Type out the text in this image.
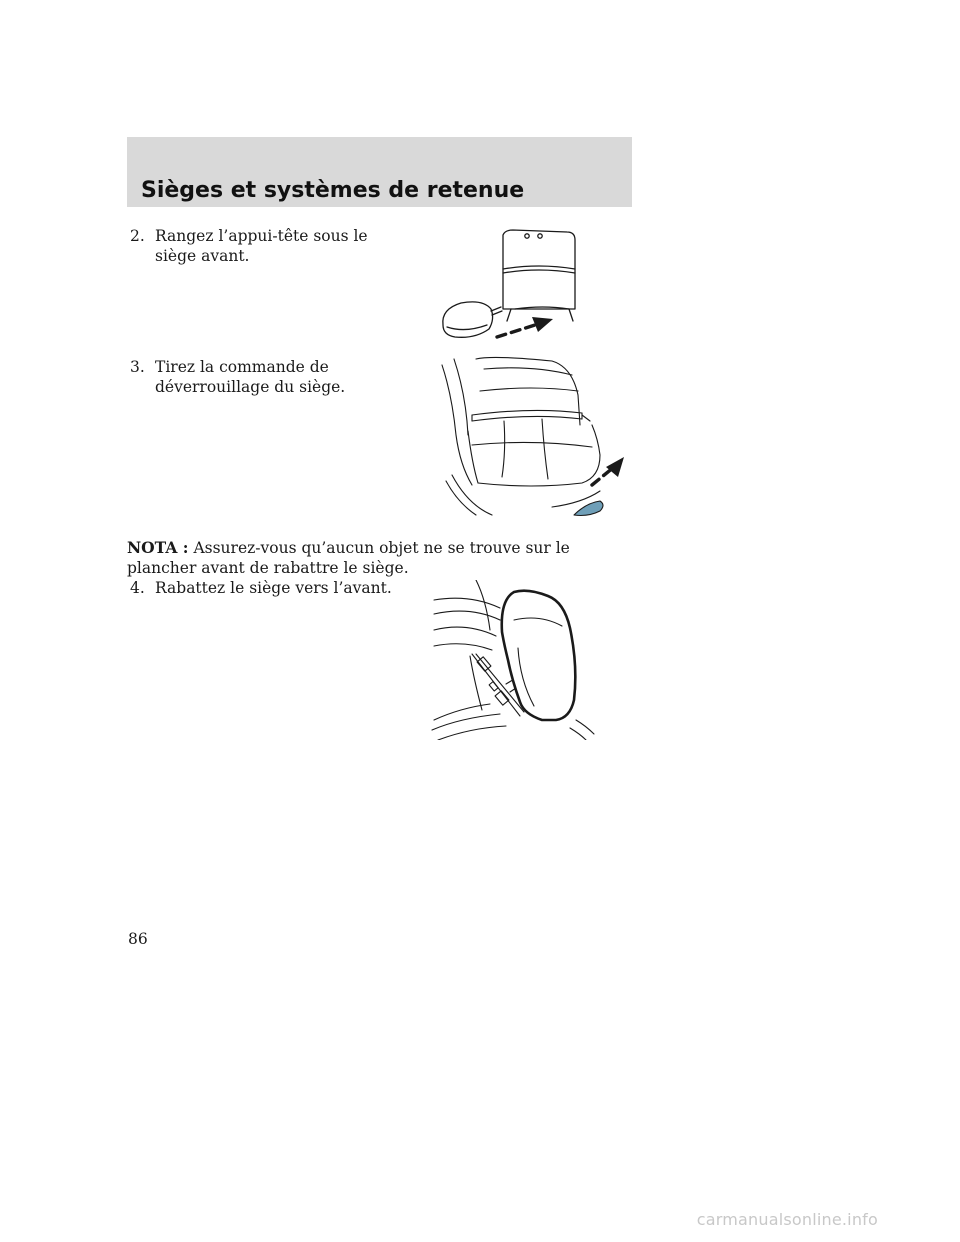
Sièges et systèmes de retenue
2. Rangez l’appui-tête sous le siège avant.
3. Tirez la commande de déverrouillage du siège.
NOTA : Assurez-vous qu’aucun objet ne se trouve sur le plancher avant de rabattre le siège.
4. Rabattez le siège vers l’avant.
86
carmanualsonline.info
